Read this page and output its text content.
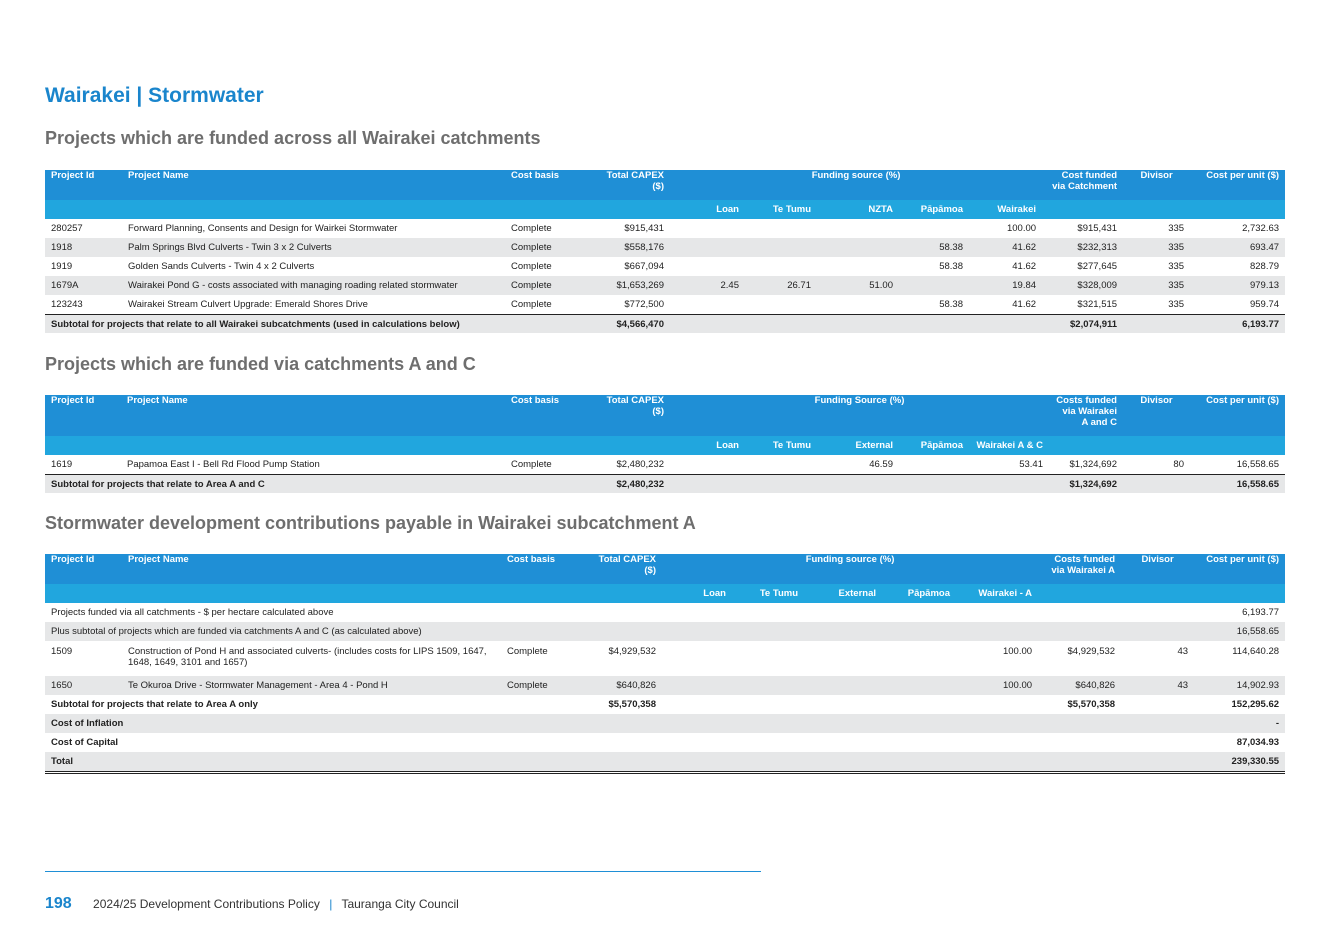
Wairakei | Stormwater
Projects which are funded across all Wairakei catchments
Project Id	Project Name	Cost basis	Total CAPEX ($)	Funding source (%)					Cost funded via Catchment	Divisor	Cost per unit ($)
				Loan	Te Tumu	NZTA	Pāpāmoa	Wairakei			
280257	Forward Planning, Consents and Design for Wairkei Stormwater	Complete	$915,431					100.00	$915,431	335	2,732.63
1918	Palm Springs Blvd Culverts - Twin 3 x 2 Culverts	Complete	$558,176				58.38	41.62	$232,313	335	693.47
1919	Golden Sands Culverts - Twin 4 x 2 Culverts	Complete	$667,094				58.38	41.62	$277,645	335	828.79
1679A	Wairakei Pond G - costs associated with managing roading related stormwater	Complete	$1,653,269	2.45	26.71	51.00		19.84	$328,009	335	979.13
123243	Wairakei Stream Culvert Upgrade: Emerald Shores Drive	Complete	$772,500				58.38	41.62	$321,515	335	959.74
Subtotal for projects that relate to all Wairakei subcatchments (used in calculations below)			$4,566,470						$2,074,911		6,193.77
Projects which are funded via catchments A and C
Project Id	Project Name	Cost basis	Total CAPEX ($)	Funding Source (%)					Costs funded via Wairakei A and C	Divisor	Cost per unit ($)
				Loan	Te Tumu	External	Pāpāmoa	Wairakei A & C			
1619	Papamoa East I - Bell Rd Flood Pump Station	Complete	$2,480,232			46.59		53.41	$1,324,692	80	16,558.65
Subtotal for projects that relate to Area A and C			$2,480,232						$1,324,692		16,558.65
Stormwater development contributions payable in Wairakei subcatchment A
Project Id	Project Name	Cost basis	Total CAPEX ($)	Funding source (%)					Costs funded via Wairakei A	Divisor	Cost per unit ($)
				Loan	Te Tumu	External	Pāpāmoa	Wairakei - A			
Projects funded via all catchments - $ per hectare calculated above											6,193.77
Plus subtotal of projects which are funded via catchments A and C (as calculated above)											16,558.65
1509	Construction of Pond H and associated culverts- (includes costs for LIPS 1509, 1647, 1648, 1649, 3101 and 1657)	Complete	$4,929,532					100.00	$4,929,532	43	114,640.28
1650	Te Okuroa Drive - Stormwater Management - Area 4 - Pond H	Complete	$640,826					100.00	$640,826	43	14,902.93
Subtotal for projects that relate to Area A only			$5,570,358						$5,570,358		152,295.62
Cost of Inflation											-
Cost of Capital											87,034.93
Total											239,330.55
198 2024/25 Development Contributions Policy | Tauranga City Council
